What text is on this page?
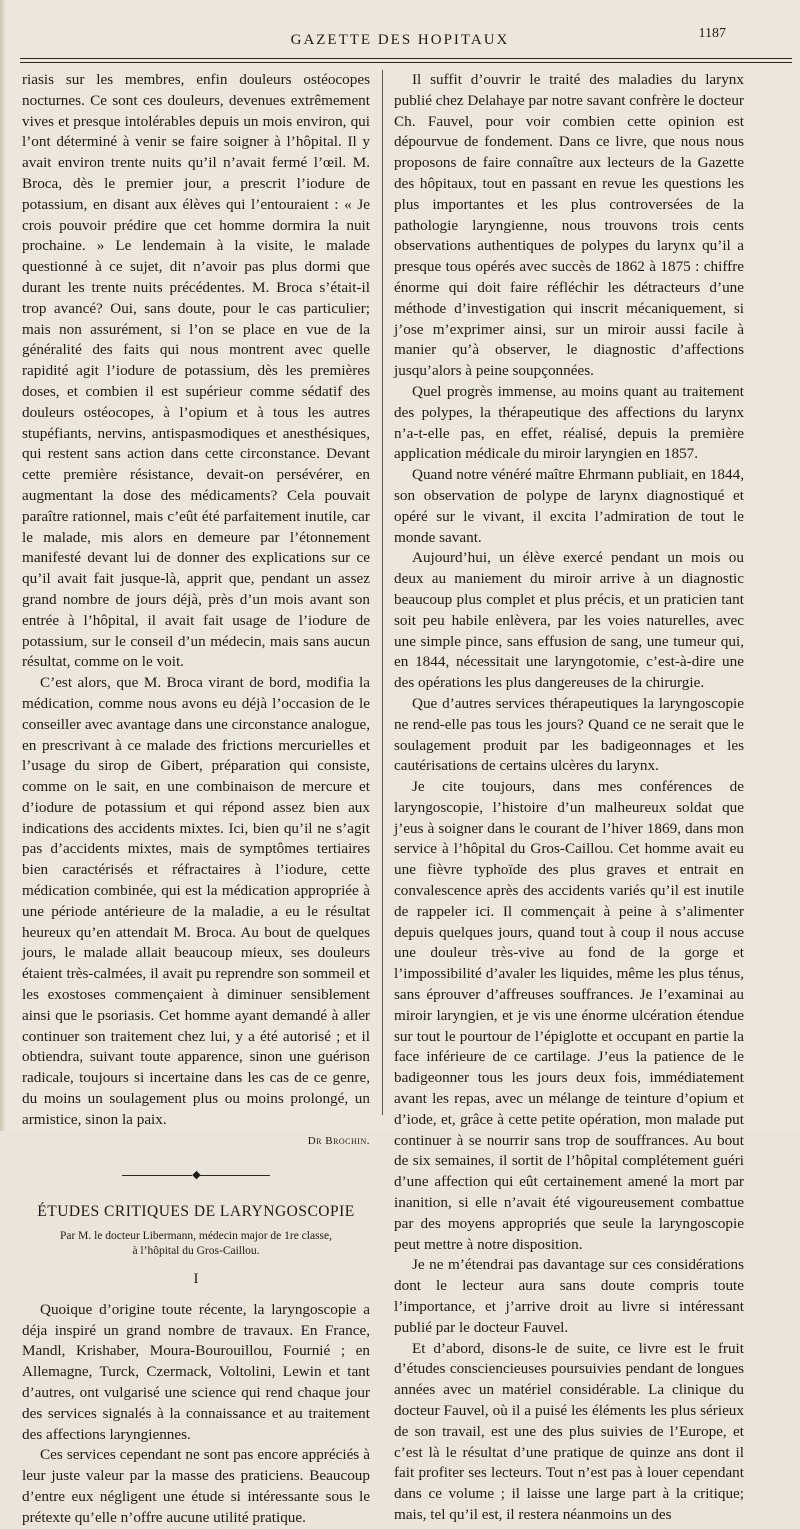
GAZETTE DES HOPITAUX	1187

riasis sur les membres, enfin douleurs ostéocopes nocturnes. Ce sont ces douleurs, devenues extrêmement vives et presque intolérables depuis un mois environ, qui l’ont déterminé à venir se faire soigner à l’hôpital. Il y avait environ trente nuits qu’il n’avait fermé l’œil. M. Broca, dès le premier jour, a prescrit l’iodure de potassium, en disant aux élèves qui l’entouraient : « Je crois pouvoir prédire que cet homme dormira la nuit prochaine. » Le lendemain à la visite, le malade questionné à ce sujet, dit n’avoir pas plus dormi que durant les trente nuits précédentes. M. Broca s’était-il trop avancé? Oui, sans doute, pour le cas particulier; mais non assurément, si l’on se place en vue de la généralité des faits qui nous montrent avec quelle rapidité agit l’iodure de potassium, dès les premières doses, et combien il est supérieur comme sédatif des douleurs ostéocopes, à l’opium et à tous les autres stupéfiants, nervins, antispasmodiques et anesthésiques, qui restent sans action dans cette circonstance. Devant cette première résistance, devait-on persévérer, en augmentant la dose des médicaments? Cela pouvait paraître rationnel, mais c’eût été parfaitement inutile, car le malade, mis alors en demeure par l’étonnement manifesté devant lui de donner des explications sur ce qu’il avait fait jusque-là, apprit que, pendant un assez grand nombre de jours déjà, près d’un mois avant son entrée à l’hôpital, il avait fait usage de l’iodure de potassium, sur le conseil d’un médecin, mais sans aucun résultat, comme on le voit.

C’est alors, que M. Broca virant de bord, modifia la médication, comme nous avons eu déjà l’occasion de le conseiller avec avantage dans une circonstance analogue, en prescrivant à ce malade des frictions mercurielles et l’usage du sirop de Gibert, préparation qui consiste, comme on le sait, en une combinaison de mercure et d’iodure de potassium et qui répond assez bien aux indications des accidents mixtes. Ici, bien qu’il ne s’agit pas d’accidents mixtes, mais de symptômes tertiaires bien caractérisés et réfractaires à l’iodure, cette médication combinée, qui est la médication appropriée à une période antérieure de la maladie, a eu le résultat heureux qu’en attendait M. Broca. Au bout de quelques jours, le malade allait beaucoup mieux, ses douleurs étaient très-calmées, il avait pu reprendre son sommeil et les exostoses commençaient à diminuer sensiblement ainsi que le psoriasis. Cet homme ayant demandé à aller continuer son traitement chez lui, y a été autorisé ; et il obtiendra, suivant toute apparence, sinon une guérison radicale, toujours si incertaine dans les cas de ce genre, du moins un soulagement plus ou moins prolongé, un armistice, sinon la paix.

Dr Brochin.
◆
ÉTUDES CRITIQUES DE LARYNGOSCOPIE
Par M. le docteur Libermann, médecin major de 1re classe,
à l’hôpital du Gros-Caillou.
I

Quoique d’origine toute récente, la laryngoscopie a déja inspiré un grand nombre de travaux. En France, Mandl, Krishaber, Moura-Bourouillou, Fournié ; en Allemagne, Turck, Czermack, Voltolini, Lewin et tant d’autres, ont vulgarisé une science qui rend chaque jour des services signalés à la connaissance et au traitement des affections laryngiennes.

Ces services cependant ne sont pas encore appréciés à leur juste valeur par la masse des praticiens. Beaucoup d’entre eux négligent une étude si intéressante sous le prétexte qu’elle n’offre aucune utilité pratique.

Il suffit d’ouvrir le traité des maladies du larynx publié chez Delahaye par notre savant confrère le docteur Ch. Fauvel, pour voir combien cette opinion est dépourvue de fondement. Dans ce livre, que nous nous proposons de faire connaître aux lecteurs de la Gazette des hôpitaux, tout en passant en revue les questions les plus importantes et les plus controversées de la pathologie laryngienne, nous trouvons trois cents observations authentiques de polypes du larynx qu’il a presque tous opérés avec succès de 1862 à 1875 : chiffre énorme qui doit faire réfléchir les détracteurs d’une méthode d’investigation qui inscrit mécaniquement, si j’ose m’exprimer ainsi, sur un miroir aussi facile à manier qu’à observer, le diagnostic d’affections jusqu’alors à peine soupçonnées.

Quel progrès immense, au moins quant au traitement des polypes, la thérapeutique des affections du larynx n’a-t-elle pas, en effet, réalisé, depuis la première application médicale du miroir laryngien en 1857.

Quand notre vénéré maître Ehrmann publiait, en 1844, son observation de polype de larynx diagnostiqué et opéré sur le vivant, il excita l’admiration de tout le monde savant.

Aujourd’hui, un élève exercé pendant un mois ou deux au maniement du miroir arrive à un diagnostic beaucoup plus complet et plus précis, et un praticien tant soit peu habile enlèvera, par les voies naturelles, avec une simple pince, sans effusion de sang, une tumeur qui, en 1844, nécessitait une laryngotomie, c’est-à-dire une des opérations les plus dangereuses de la chirurgie.

Que d’autres services thérapeutiques la laryngoscopie ne rend-elle pas tous les jours? Quand ce ne serait que le soulagement produit par les badigeonnages et les cautérisations de certains ulcères du larynx.

Je cite toujours, dans mes conférences de laryngoscopie, l’histoire d’un malheureux soldat que j’eus à soigner dans le courant de l’hiver 1869, dans mon service à l’hôpital du Gros-Caillou. Cet homme avait eu une fièvre typhoïde des plus graves et entrait en convalescence après des accidents variés qu’il est inutile de rappeler ici. Il commençait à peine à s’alimenter depuis quelques jours, quand tout à coup il nous accuse une douleur très-vive au fond de la gorge et l’impossibilité d’avaler les liquides, même les plus ténus, sans éprouver d’affreuses souffrances. Je l’examinai au miroir laryngien, et je vis une énorme ulcération étendue sur tout le pourtour de l’épiglotte et occupant en partie la face inférieure de ce cartilage. J’eus la patience de le badigeonner tous les jours deux fois, immédiatement avant les repas, avec un mélange de teinture d’opium et d’iode, et, grâce à cette petite opération, mon malade put continuer à se nourrir sans trop de souffrances. Au bout de six semaines, il sortit de l’hôpital complétement guéri d’une affection qui eût certainement amené la mort par inanition, si elle n’avait été vigoureusement combattue par des moyens appropriés que seule la laryngoscopie peut mettre à notre disposition.

Je ne m’étendrai pas davantage sur ces considérations dont le lecteur aura sans doute compris toute l’importance, et j’arrive droit au livre si intéressant publié par le docteur Fauvel.

Et d’abord, disons-le de suite, ce livre est le fruit d’études consciencieuses poursuivies pendant de longues années avec un matériel considérable. La clinique du docteur Fauvel, où il a puisé les éléments les plus sérieux de son travail, est une des plus suivies de l’Europe, et c’est là le résultat d’une pratique de quinze ans dont il fait profiter ses lecteurs. Tout n’est pas à louer cependant dans ce volume ; il laisse une large part à la critique; mais, tel qu’il est, il restera néanmoins un des
